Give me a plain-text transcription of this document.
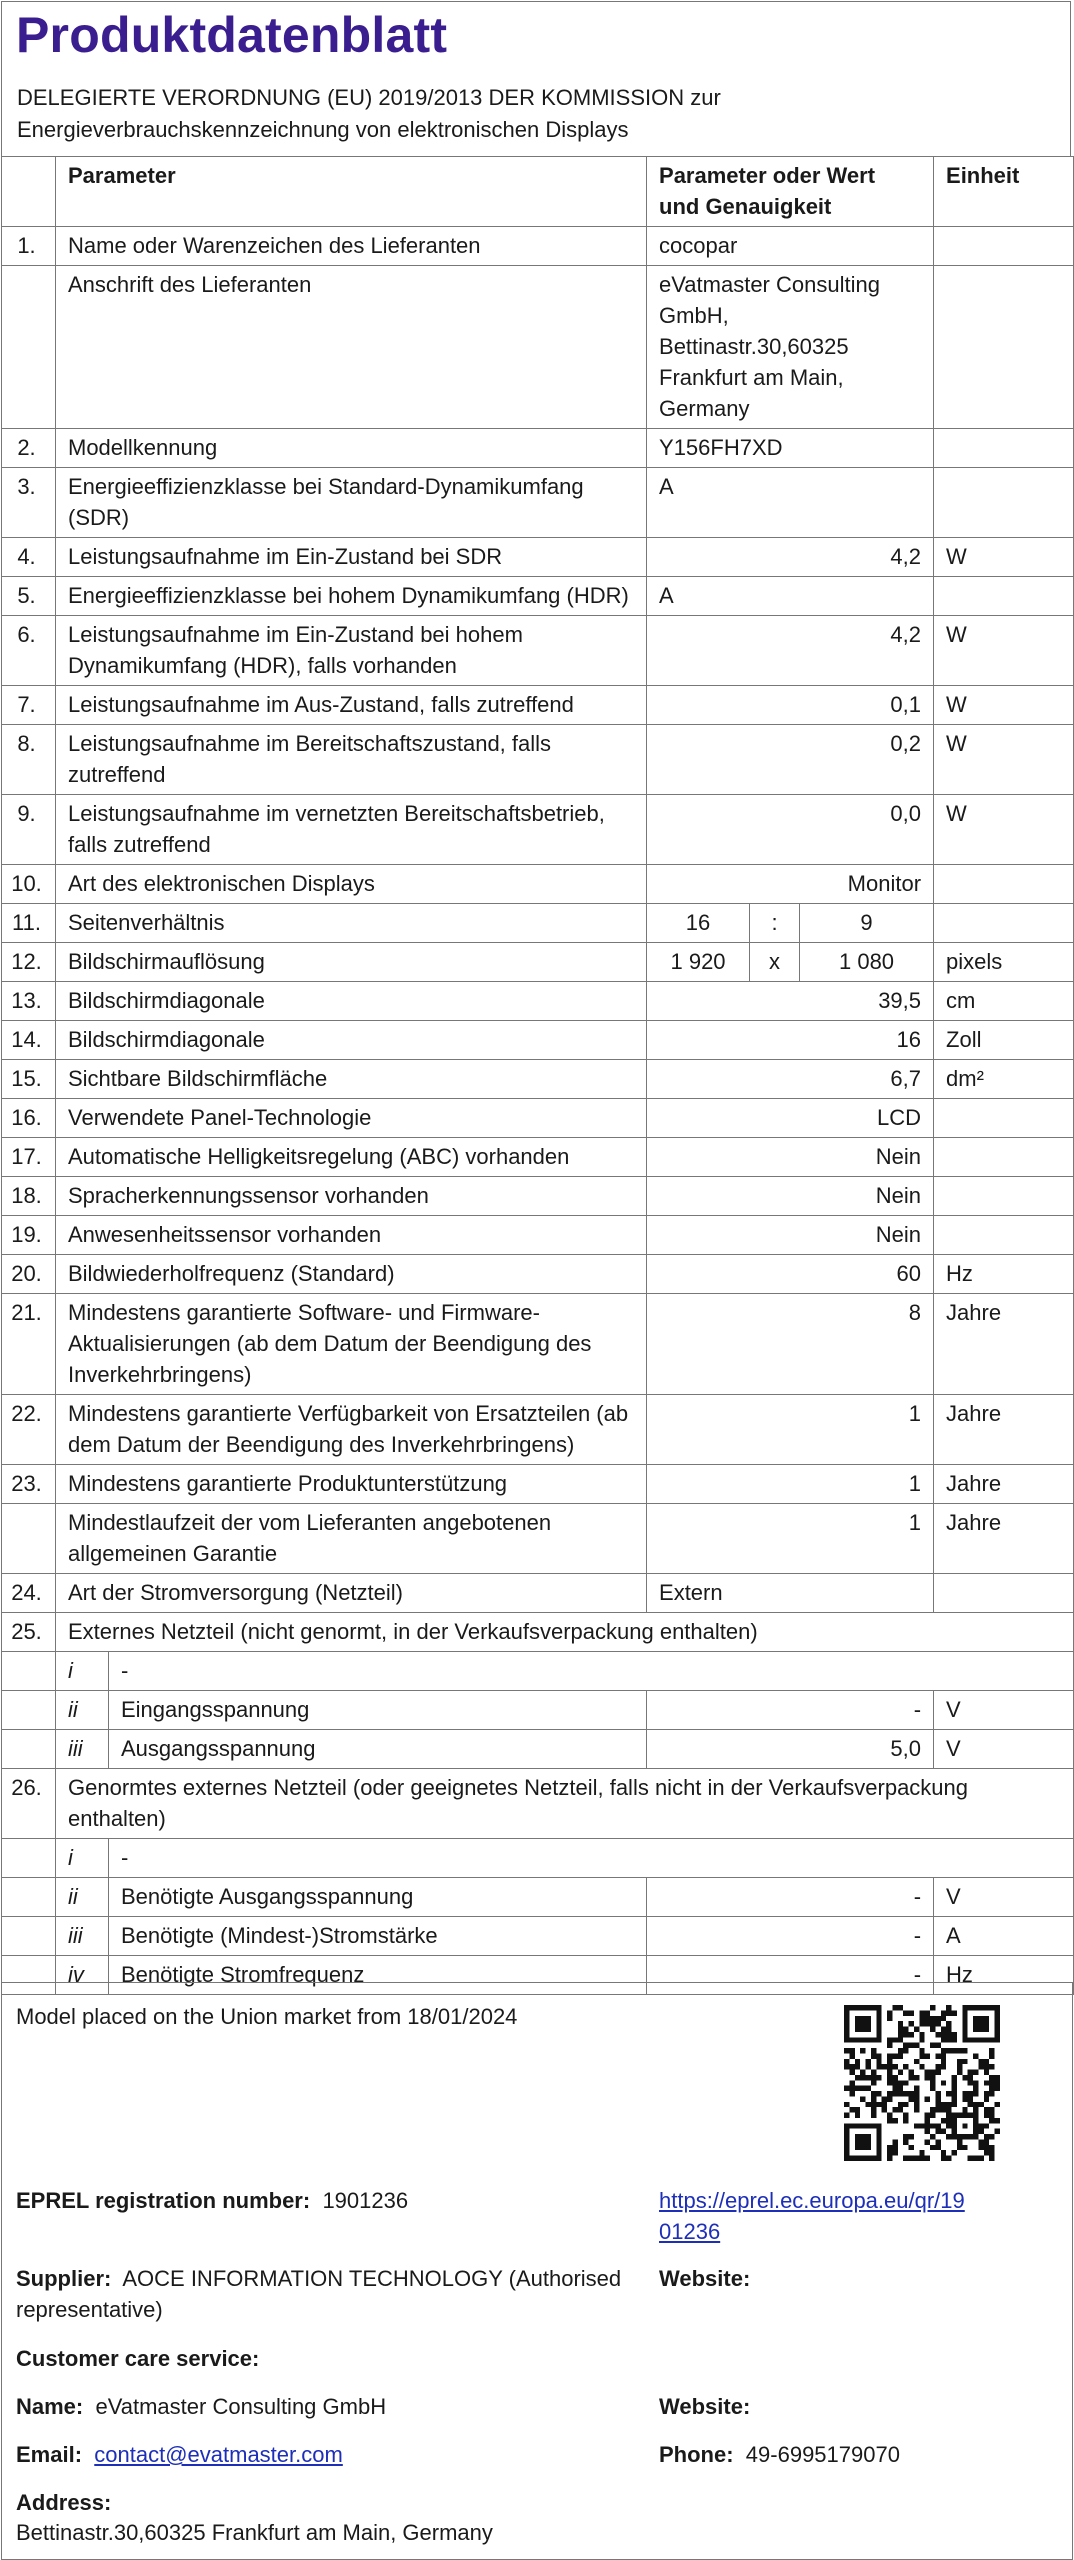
Produktdatenblatt
DELEGIERTE VERORDNUNG (EU) 2019/2013 DER KOMMISSION zur
Energieverbrauchskennzeichnung von elektronischen Displays
	Parameter		Parameter oder Wert und Genauigkeit			Einheit
1.	Name oder Warenzeichen des Lieferanten		cocopar			
	Anschrift des Lieferanten		eVatmaster Consulting GmbH, Bettinastr.30,60325 Frankfurt am Main, Germany			
2.	Modellkennung		Y156FH7XD			
3.	Energieeffizienzklasse bei Standard-Dynamikumfang (SDR)		A			
4.	Leistungsaufnahme im Ein-Zustand bei SDR		4,2			W
5.	Energieeffizienzklasse bei hohem Dynamikumfang (HDR)		A			
6.	Leistungsaufnahme im Ein-Zustand bei hohem Dynamikumfang (HDR), falls vorhanden		4,2			W
7.	Leistungsaufnahme im Aus-Zustand, falls zutreffend		0,1			W
8.	Leistungsaufnahme im Bereitschaftszustand, falls zutreffend		0,2			W
9.	Leistungsaufnahme im vernetzten Bereitschaftsbetrieb, falls zutreffend		0,0			W
10.	Art des elektronischen Displays		Monitor			
11.	Seitenverhältnis		16	:	9	
12.	Bildschirmauflösung		1 920	x	1 080	pixels
13.	Bildschirmdiagonale		39,5			cm
14.	Bildschirmdiagonale		16			Zoll
15.	Sichtbare Bildschirmfläche		6,7			dm²
16.	Verwendete Panel-Technologie		LCD			
17.	Automatische Helligkeitsregelung (ABC) vorhanden		Nein			
18.	Spracherkennungssensor vorhanden		Nein			
19.	Anwesenheitssensor vorhanden		Nein			
20.	Bildwiederholfrequenz (Standard)		60			Hz
21.	Mindestens garantierte Software- und Firmware-Aktualisierungen (ab dem Datum der Beendigung des Inverkehrbringens)		8			Jahre
22.	Mindestens garantierte Verfügbarkeit von Ersatzteilen (ab dem Datum der Beendigung des Inverkehrbringens)		1			Jahre
23.	Mindestens garantierte Produktunterstützung		1			Jahre
	Mindestlaufzeit der vom Lieferanten angebotenen allgemeinen Garantie		1			Jahre
24.	Art der Stromversorgung (Netzteil)		Extern			
25.	Externes Netzteil (nicht genormt, in der Verkaufsverpackung enthalten)					
	i	-				
	ii	Eingangsspannung	-			V
	iii	Ausgangsspannung	5,0			V
26.	Genormtes externes Netzteil (oder geeignetes Netzteil, falls nicht in der Verkaufsverpackung enthalten)					
	i	-				
	ii	Benötigte Ausgangsspannung	-			V
	iii	Benötigte (Mindest-)Stromstärke	-			A
	iv	Benötigte Stromfrequenz	-			Hz
Model placed on the Union market from 18/01/2024
EPREL registration number: 1901236	https://eprel.ec.europa.eu/qr/19
01236
Supplier: AOCE INFORMATION TECHNOLOGY (Authorised
representative)
Website:
Customer care service:
Name: eVatmaster Consulting GmbH	Website:
Email: contact@evatmaster.com	Phone: 49-6995179070
Address:
Bettinastr.30,60325 Frankfurt am Main, Germany
